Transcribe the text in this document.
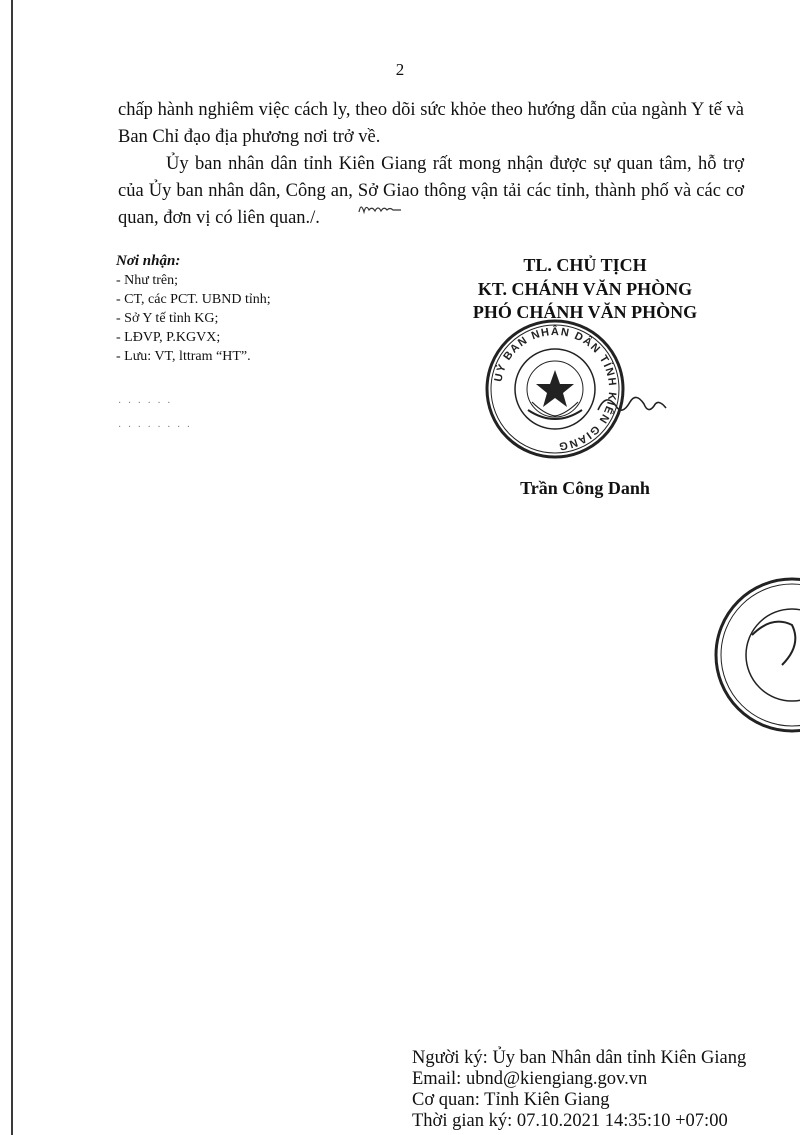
2
chấp hành nghiêm việc cách ly, theo dõi sức khỏe theo hướng dẫn của ngành Y tế và Ban Chỉ đạo địa phương nơi trở về.
Ủy ban nhân dân tỉnh Kiên Giang rất mong nhận được sự quan tâm, hỗ trợ của Ủy ban nhân dân, Công an, Sở Giao thông vận tải các tỉnh, thành phố và các cơ quan, đơn vị có liên quan./.
Nơi nhận:
- Như trên;
- CT, các PCT. UBND tỉnh;
- Sở Y tế tỉnh KG;
- LĐVP, P.KGVX;
- Lưu: VT, lttram “HT”.
· · · · · ·
· · · · · · · ·
TL. CHỦ TỊCH
KT. CHÁNH VĂN PHÒNG
PHÓ CHÁNH VĂN PHÒNG
UỶ BAN NHÂN DÂN TỈNH KIÊN GIANG
Trần Công Danh
Người ký: Ủy ban Nhân dân tỉnh Kiên Giang
Email: ubnd@kiengiang.gov.vn
Cơ quan: Tỉnh Kiên Giang
Thời gian ký: 07.10.2021 14:35:10 +07:00
